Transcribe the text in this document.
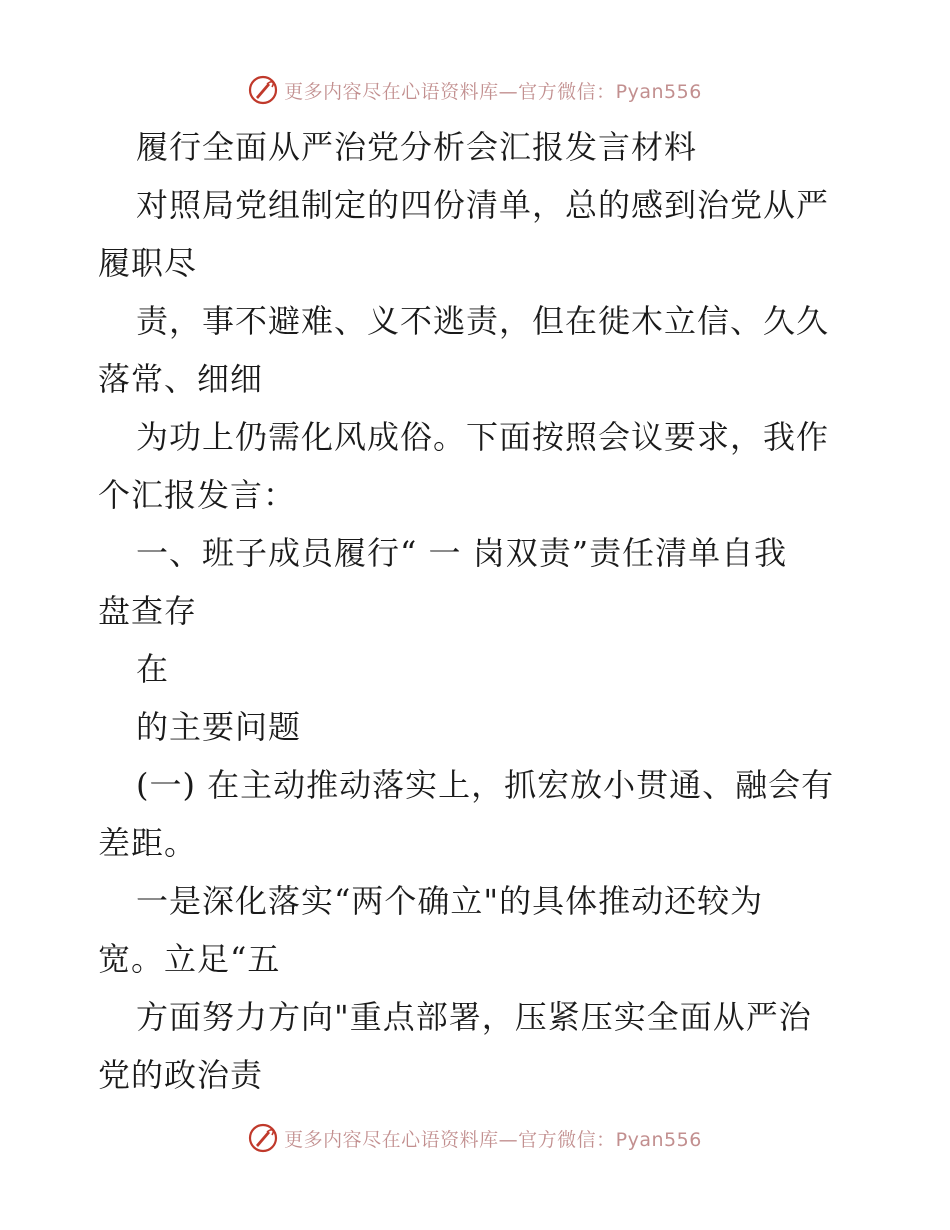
更多内容尽在心语资料库—官方微信：Pyan556
履行全面从严治党分析会汇报发言材料
对照局党组制定的四份清单，总的感到治党从严
履职尽
责，事不避难、义不逃责，但在徙木立信、久久
落常、细细
为功上仍需化风成俗。下面按照会议要求，我作
个汇报发言：
一、班子成员履行“ 一 岗双责”责任清单自我
盘查存
在
的主要问题
(一) 在主动推动落实上，抓宏放小贯通、融会有
差距。
一是深化落实“两个确立"的具体推动还较为
宽。立足“五
方面努力方向"重点部署，压紧压实全面从严治
党的政治责
更多内容尽在心语资料库—官方微信：Pyan556
